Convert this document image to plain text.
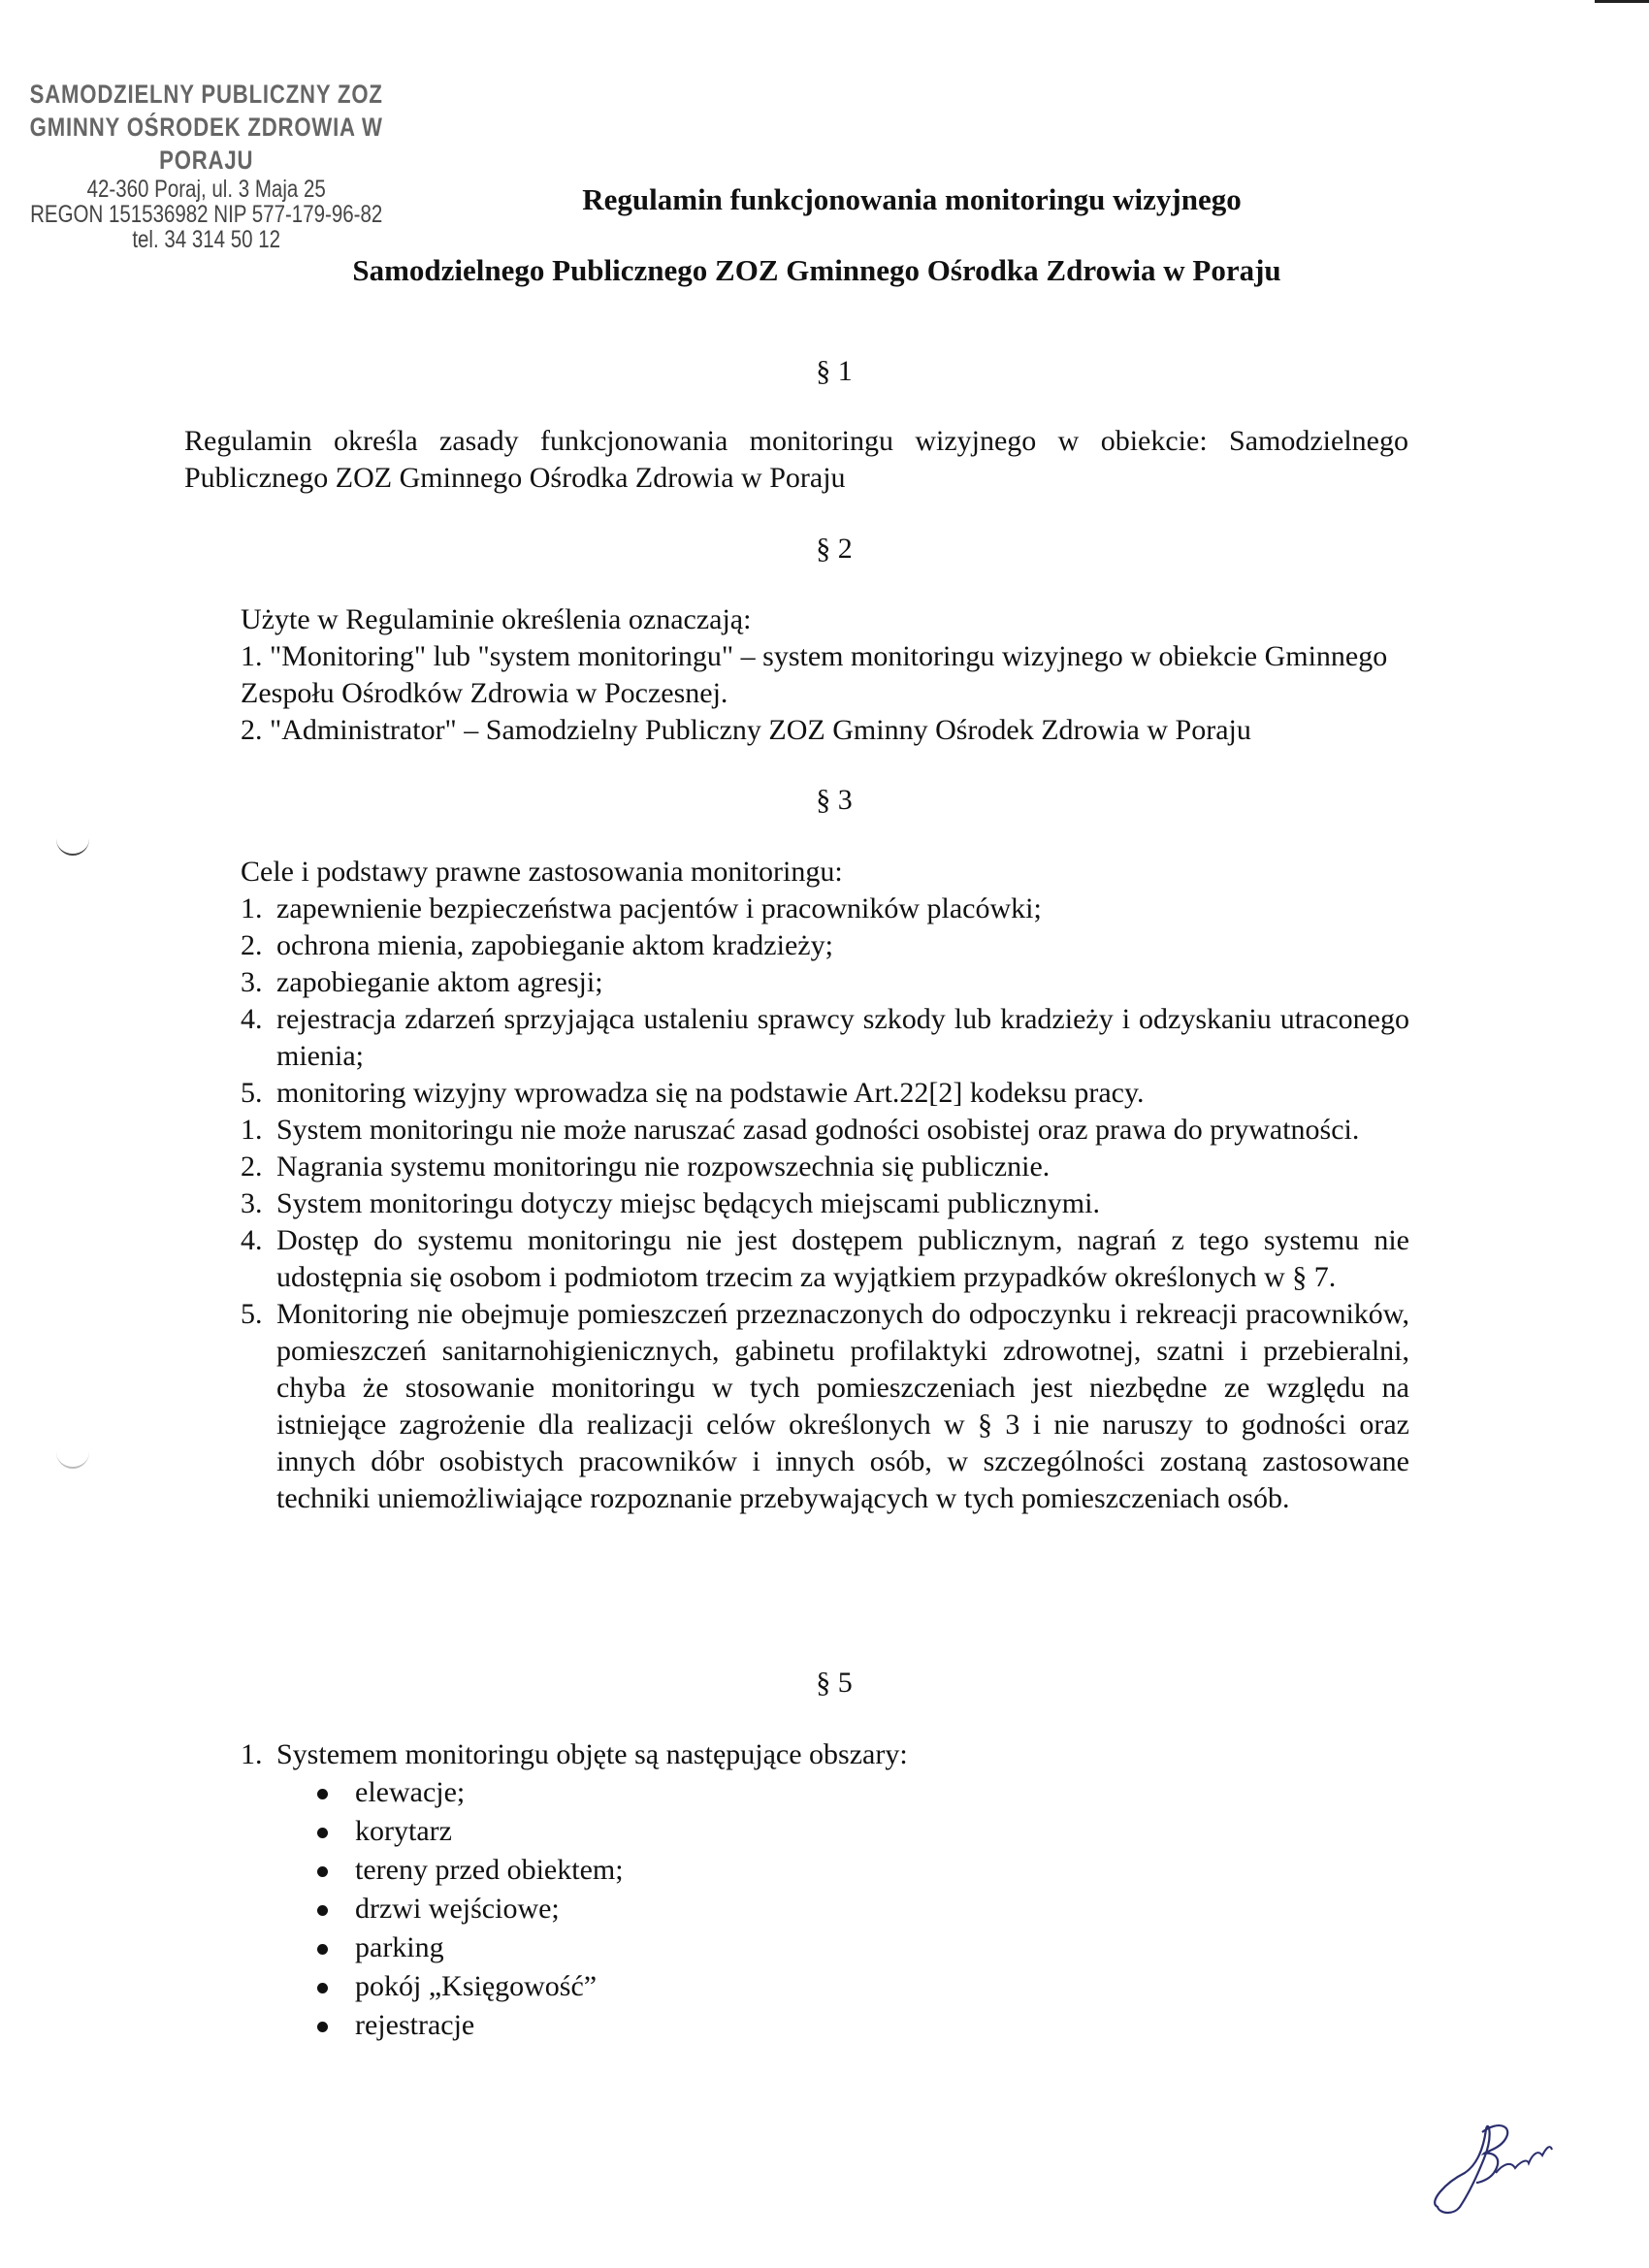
SAMODZIELNY PUBLICZNY ZOZ
GMINNY OŚRODEK ZDROWIA W PORAJU
42-360 Poraj, ul. 3 Maja 25
REGON 151536982 NIP 577-179-96-82
tel. 34 314 50 12
Regulamin funkcjonowania monitoringu wizyjnego
Samodzielnego Publicznego ZOZ Gminnego Ośrodka Zdrowia w Poraju
§ 1
Regulamin określa zasady funkcjonowania monitoringu wizyjnego w obiekcie: Samodzielnego Publicznego ZOZ Gminnego Ośrodka Zdrowia w Poraju
§ 2
Użyte w Regulaminie określenia oznaczają:
1. "Monitoring" lub "system monitoringu" – system monitoringu wizyjnego w obiekcie Gminnego Zespołu Ośrodków Zdrowia w Poczesnej.
2. "Administrator" – Samodzielny Publiczny ZOZ Gminny Ośrodek Zdrowia w Poraju
§ 3
Cele i podstawy prawne zastosowania monitoringu:
1. zapewnienie bezpieczeństwa pacjentów i pracowników placówki;
2. ochrona mienia, zapobieganie aktom kradzieży;
3. zapobieganie aktom agresji;
4. rejestracja zdarzeń sprzyjająca ustaleniu sprawcy szkody lub kradzieży i odzyskaniu utraconego mienia;
5. monitoring wizyjny wprowadza się na podstawie Art.22[2] kodeksu pracy.
1. System monitoringu nie może naruszać zasad godności osobistej oraz prawa do prywatności.
2. Nagrania systemu monitoringu nie rozpowszechnia się publicznie.
3. System monitoringu dotyczy miejsc będących miejscami publicznymi.
4. Dostęp do systemu monitoringu nie jest dostępem publicznym, nagrań z tego systemu nie udostępnia się osobom i podmiotom trzecim za wyjątkiem przypadków określonych w § 7.
5. Monitoring nie obejmuje pomieszczeń przeznaczonych do odpoczynku i rekreacji pracowników, pomieszczeń sanitarnohigienicznych, gabinetu profilaktyki zdrowotnej, szatni i przebieralni, chyba że stosowanie monitoringu w tych pomieszczeniach jest niezbędne ze względu na istniejące zagrożenie dla realizacji celów określonych w § 3 i nie naruszy to godności oraz innych dóbr osobistych pracowników i innych osób, w szczególności zostaną zastosowane techniki uniemożliwiające rozpoznanie przebywających w tych pomieszczeniach osób.
§ 5
1. Systemem monitoringu objęte są następujące obszary:
elewacje;
korytarz
tereny przed obiektem;
drzwi wejściowe;
parking
pokój „Księgowość”
rejestracje
